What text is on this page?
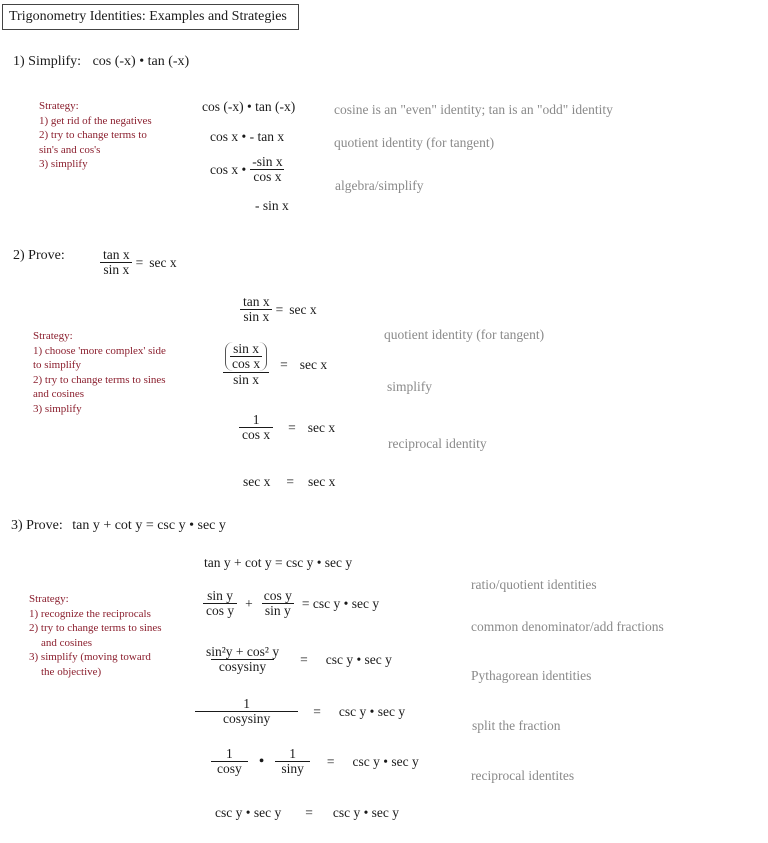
Trigonometry Identities: Examples and Strategies
1) Simplify: cos (-x) • tan (-x)
Strategy:
1) get rid of the negatives
2) try to change terms to
sin's and cos's
3) simplify
cos (-x) • tan (-x)
cos x • - tan x
cos x • $\frac{\text{-sin x}}{\text{cos x}}$
- sin x
cosine is an "even" identity; tan is an "odd" identity
quotient identity (for tangent)
algebra/simplify
2) Prove:	$\frac{\text{tan x}}{\text{sin x}} = \sec x$
Strategy:
1) choose 'more complex' side
to simplify
2) try to change terms to sines
and cosines
3) simplify
$\frac{\text{tan x}}{\text{sin x}} = \sec x$
$\frac{\frac{\text{sin x}}{\text{cos x}}}{\text{sin x}} = \sec x$
$\frac{1}{\text{cos x}} = \sec x$
sec x = sec x
quotient identity (for tangent)
simplify
reciprocal identity
3) Prove: tan y + cot y = csc y • sec y
Strategy:
1) recognize the reciprocals
2) try to change terms to sines
and cosines
3) simplify (moving toward
the objective)
tan y + cot y = csc y • sec y
$\frac{\text{sin y}}{\text{cos y}} + \frac{\text{cos y}}{\text{sin y}} = \csc y$ • sec y
$\frac{\text{sin²y + cos² y}}{\text{cosysiny}} = \csc y$ • sec y
$\frac{1}{\text{cosysiny}} = \csc y$ • sec y
$\frac{1}{\cos y}$ • $\frac{1}{\sin y} = \csc y$ • sec y
csc y • sec y = csc y • sec y
ratio/quotient identities
common denominator/add fractions
Pythagorean identities
split the fraction
reciprocal identites
